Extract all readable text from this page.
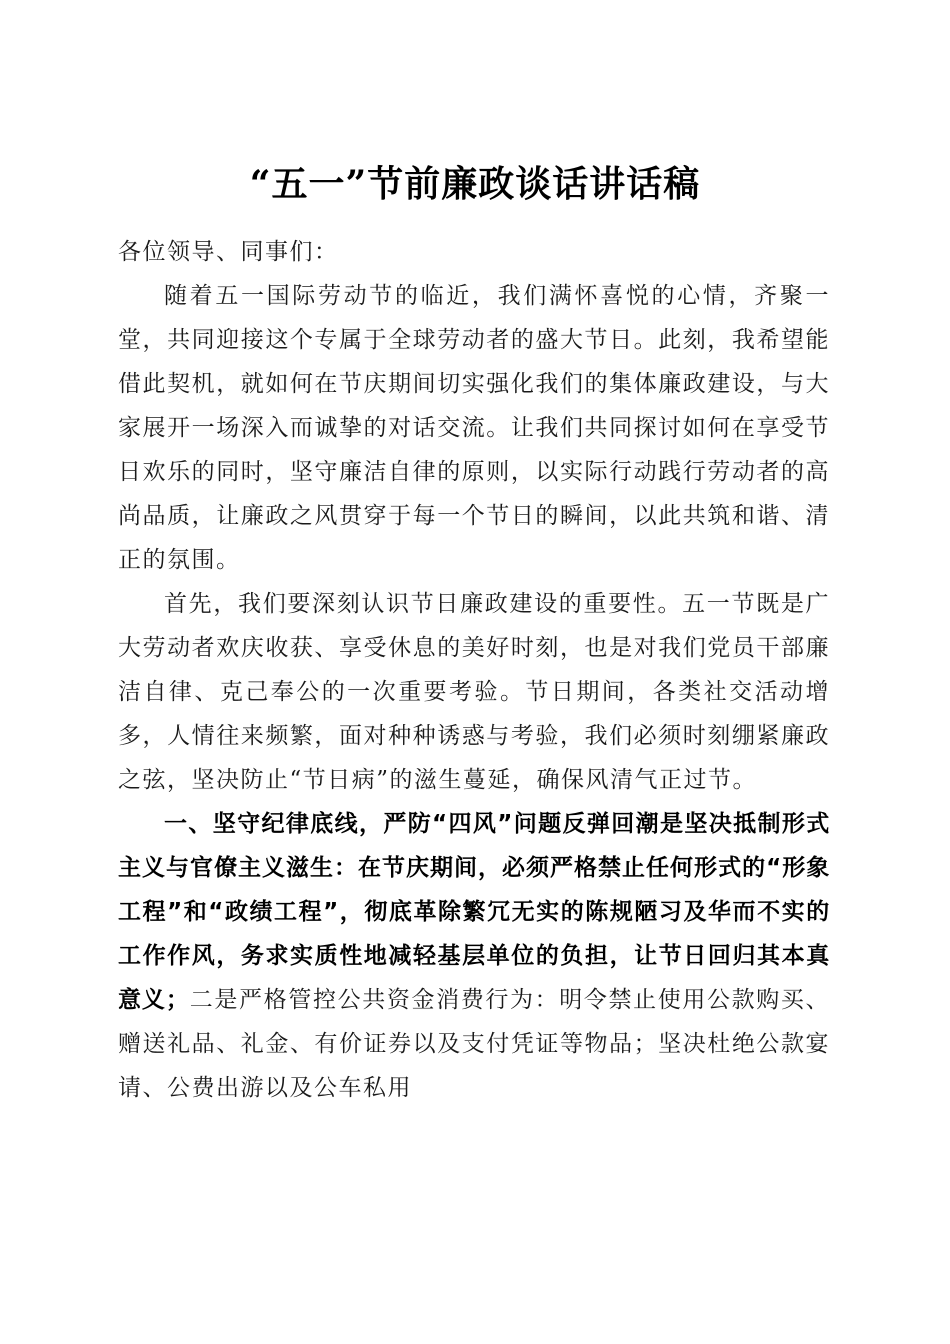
“五一”节前廉政谈话讲话稿

各位领导、同事们：

随着五一国际劳动节的临近，我们满怀喜悦的心情，齐聚一堂，共同迎接这个专属于全球劳动者的盛大节日。此刻，我希望能借此契机，就如何在节庆期间切实强化我们的集体廉政建设，与大家展开一场深入而诚挚的对话交流。让我们共同探讨如何在享受节日欢乐的同时，坚守廉洁自律的原则，以实际行动践行劳动者的高尚品质，让廉政之风贯穿于每一个节日的瞬间，以此共筑和谐、清正的氛围。

首先，我们要深刻认识节日廉政建设的重要性。五一节既是广大劳动者欢庆收获、享受休息的美好时刻，也是对我们党员干部廉洁自律、克己奉公的一次重要考验。节日期间，各类社交活动增多，人情往来频繁，面对种种诱惑与考验，我们必须时刻绷紧廉政之弦，坚决防止“节日病”的滋生蔓延，确保风清气正过节。

一、坚守纪律底线，严防“四风”问题反弹回潮是坚决抵制形式主义与官僚主义滋生：在节庆期间，必须严格禁止任何形式的“形象工程”和“政绩工程”，彻底革除繁冗无实的陈规陋习及华而不实的工作作风，务求实质性地减轻基层单位的负担，让节日回归其本真意义；二是严格管控公共资金消费行为：明令禁止使用公款购买、赠送礼品、礼金、有价证券以及支付凭证等物品；坚决杜绝公款宴请、公费出游以及公车私用
